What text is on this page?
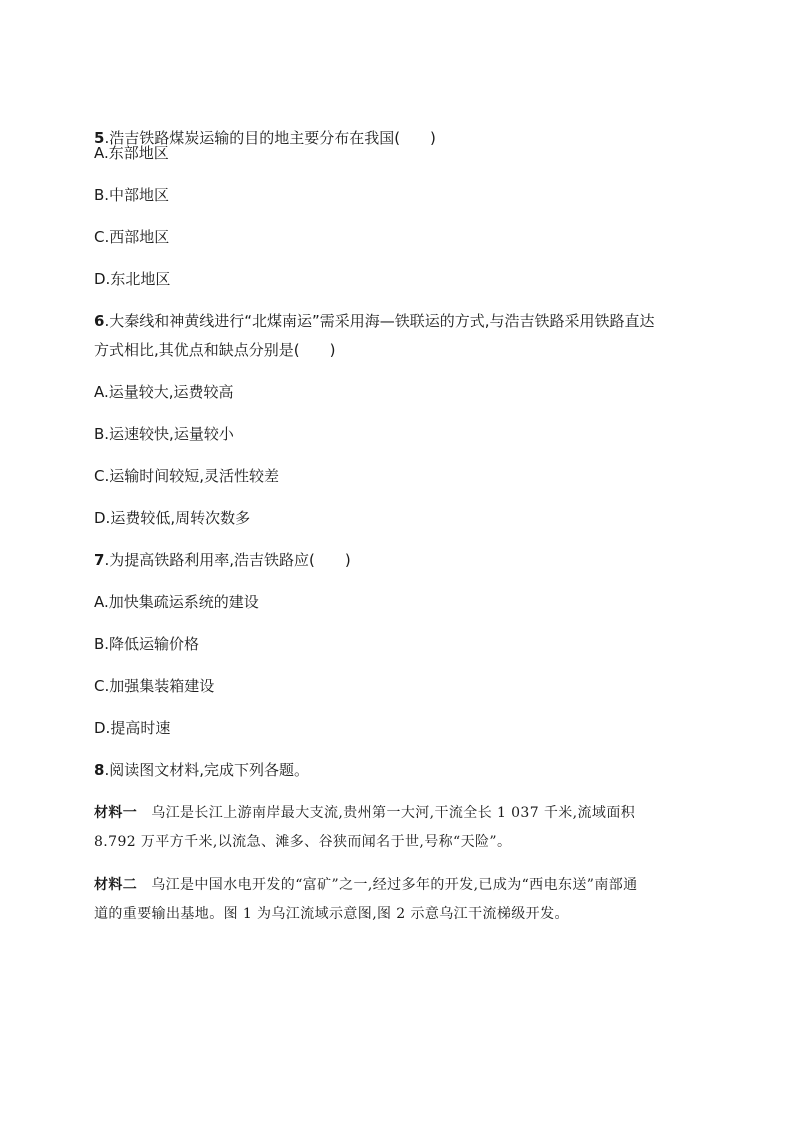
5.浩吉铁路煤炭运输的目的地主要分布在我国(　　)
A.东部地区
B.中部地区
C.西部地区
D.东北地区
6.大秦线和神黄线进行“北煤南运”需采用海—铁联运的方式,与浩吉铁路采用铁路直达
方式相比,其优点和缺点分别是(　　)
A.运量较大,运费较高
B.运速较快,运量较小
C.运输时间较短,灵活性较差
D.运费较低,周转次数多
7.为提高铁路利用率,浩吉铁路应(　　)
A.加快集疏运系统的建设
B.降低运输价格
C.加强集装箱建设
D.提高时速
8.阅读图文材料,完成下列各题。
材料一 乌江是长江上游南岸最大支流,贵州第一大河,干流全长 1 037 千米,流域面积
8.792 万平方千米,以流急、滩多、谷狭而闻名于世,号称“天险”。
材料二 乌江是中国水电开发的“富矿”之一,经过多年的开发,已成为“西电东送”南部通
道的重要输出基地。图 1 为乌江流域示意图,图 2 示意乌江干流梯级开发。
